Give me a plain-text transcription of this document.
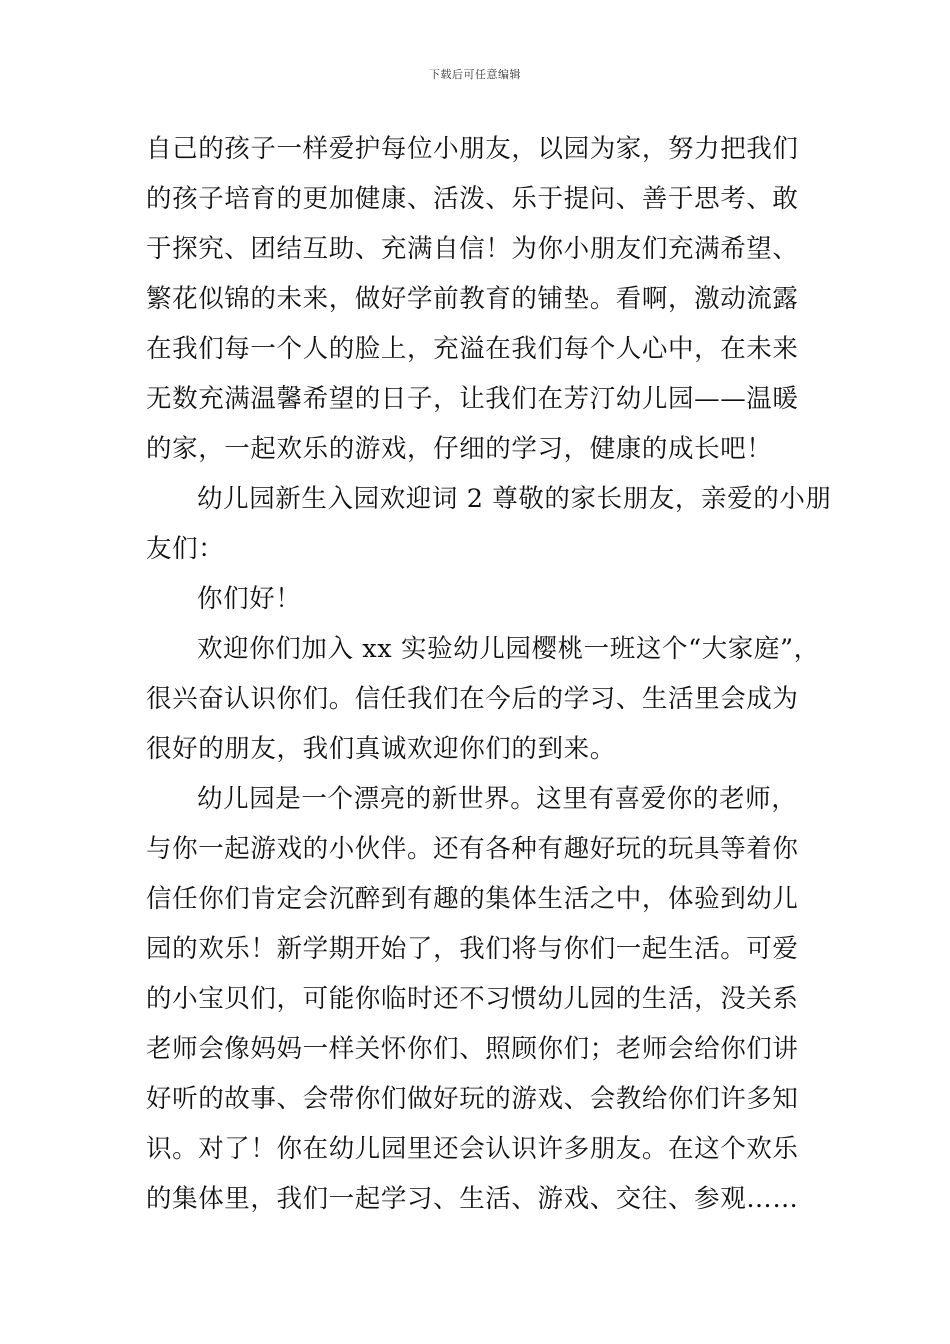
下载后可任意编辑
自己的孩子一样爱护每位小朋友，以园为家，努力把我们
的孩子培育的更加健康、活泼、乐于提问、善于思考、敢
于探究、团结互助、充满自信！为你小朋友们充满希望、
繁花似锦的未来，做好学前教育的铺垫。看啊，激动流露
在我们每一个人的脸上，充溢在我们每个人心中，在未来
无数充满温馨希望的日子，让我们在芳汀幼儿园——温暖
的家，一起欢乐的游戏，仔细的学习，健康的成长吧！
幼儿园新生入园欢迎词 2 尊敬的家长朋友，亲爱的小朋
友们：
你们好！
欢迎你们加入 xx 实验幼儿园樱桃一班这个“大家庭”，
很兴奋认识你们。信任我们在今后的学习、生活里会成为
很好的朋友，我们真诚欢迎你们的到来。
幼儿园是一个漂亮的新世界。这里有喜爱你的老师，
与你一起游戏的小伙伴。还有各种有趣好玩的玩具等着你
信任你们肯定会沉醉到有趣的集体生活之中，体验到幼儿
园的欢乐！新学期开始了，我们将与你们一起生活。可爱
的小宝贝们，可能你临时还不习惯幼儿园的生活，没关系
老师会像妈妈一样关怀你们、照顾你们；老师会给你们讲
好听的故事、会带你们做好玩的游戏、会教给你们许多知
识。对了！你在幼儿园里还会认识许多朋友。在这个欢乐
的集体里，我们一起学习、生活、游戏、交往、参观……
